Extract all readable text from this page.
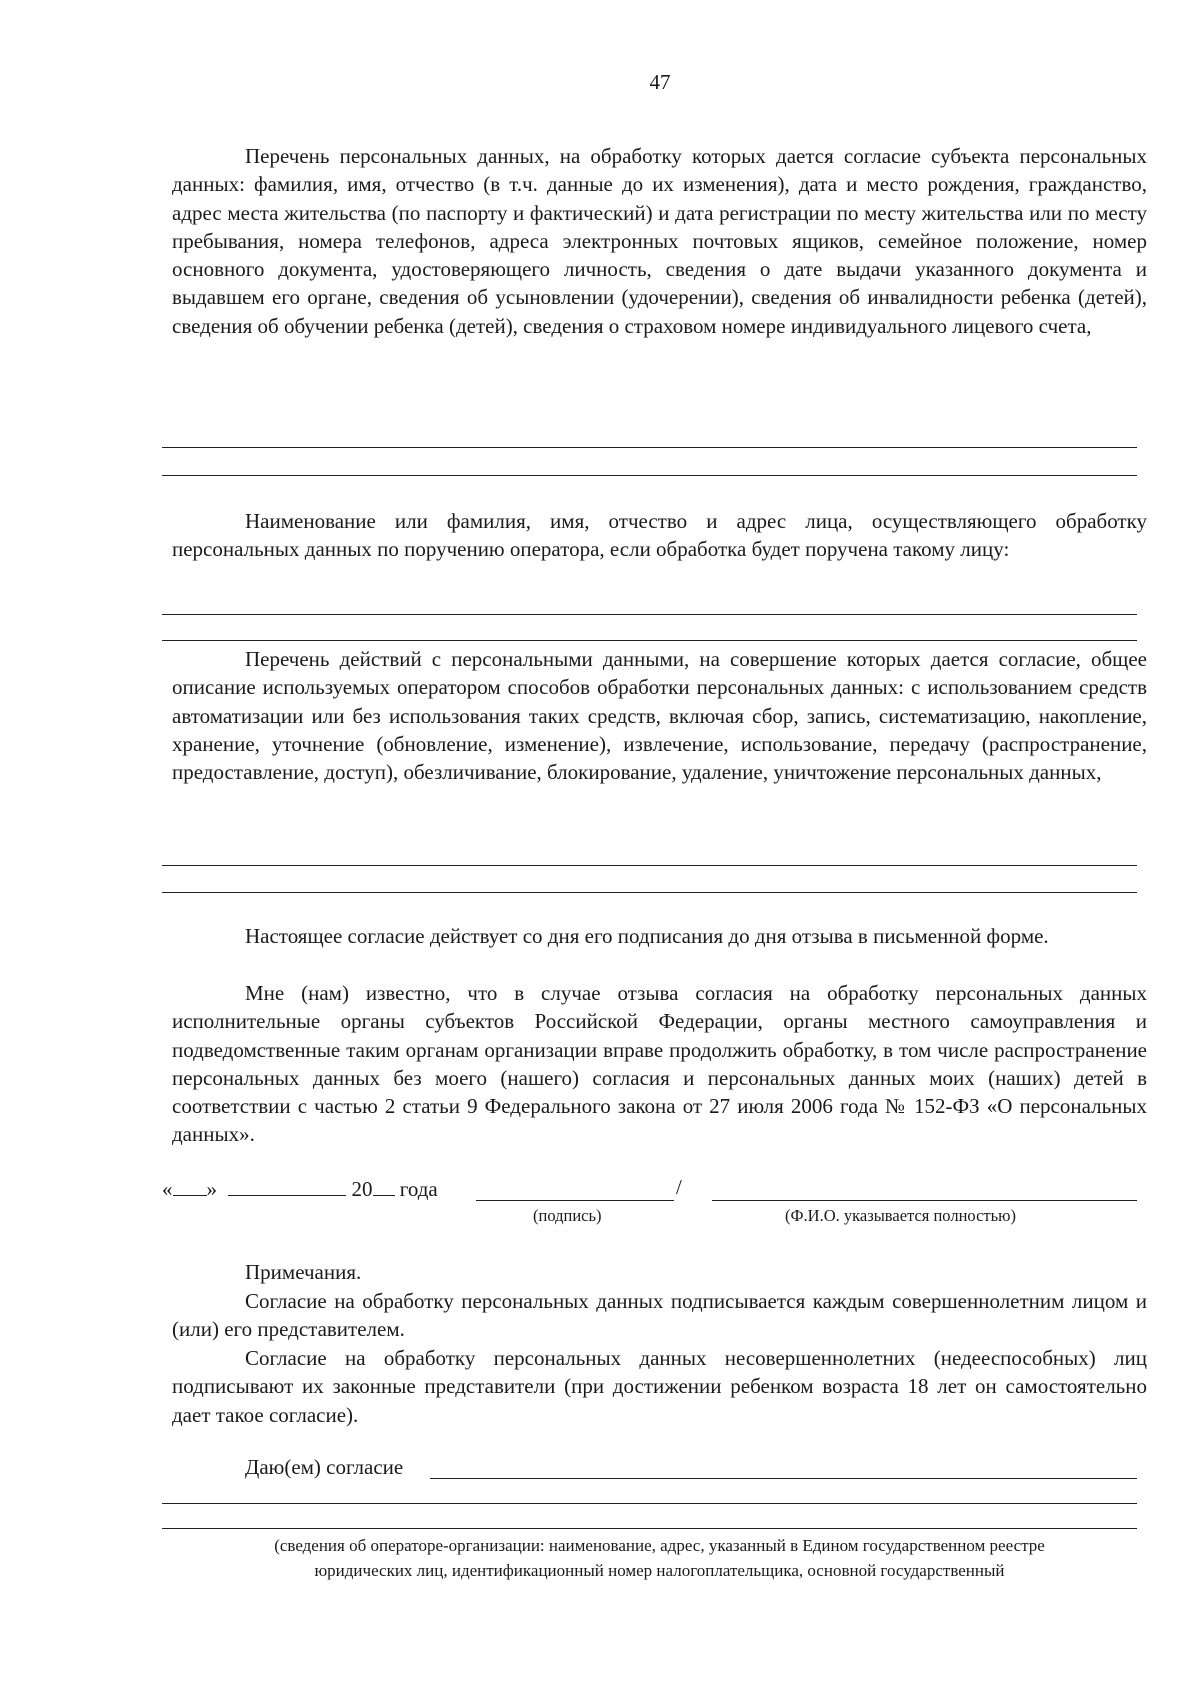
47

Перечень персональных данных, на обработку которых дается согласие субъекта персональных данных: фамилия, имя, отчество (в т.ч. данные до их изменения), дата и место рождения, гражданство, адрес места жительства (по паспорту и фактический) и дата регистрации по месту жительства или по месту пребывания, номера телефонов, адреса электронных почтовых ящиков, семейное положение, номер основного документа, удостоверяющего личность, сведения о дате выдачи указанного документа и выдавшем его органе, сведения об усыновлении (удочерении), сведения об инвалидности ребенка (детей), сведения об обучении ребенка (детей), сведения о страховом номере индивидуального лицевого счета,

Наименование или фамилия, имя, отчество и адрес лица, осуществляющего обработку персональных данных по поручению оператора, если обработка будет поручена такому лицу:

Перечень действий с персональными данными, на совершение которых дается согласие, общее описание используемых оператором способов обработки персональных данных: с использованием средств автоматизации или без использования таких средств, включая сбор, запись, систематизацию, накопление, хранение, уточнение (обновление, изменение), извлечение, использование, передачу (распространение, предоставление, доступ), обезличивание, блокирование, удаление, уничтожение персональных данных,

Настоящее согласие действует со дня его подписания до дня отзыва в письменной форме.

Мне (нам) известно, что в случае отзыва согласия на обработку персональных данных исполнительные органы субъектов Российской Федерации, органы местного самоуправления и подведомственные таким органам организации вправе продолжить обработку, в том числе распространение персональных данных без моего (нашего) согласия и персональных данных моих (наших) детей в соответствии с частью 2 статьи 9 Федерального закона от 27 июля 2006 года № 152-ФЗ «О персональных данных».

« »	20 года	/
(подпись)	(Ф.И.О. указывается полностью)

Примечания.

Согласие на обработку персональных данных подписывается каждым совершеннолетним лицом и (или) его представителем.

Согласие на обработку персональных данных несовершеннолетних (недееспособных) лиц подписывают их законные представители (при достижении ребенком возраста 18 лет он самостоятельно дает такое согласие).

Даю(ем) согласие
(сведения об операторе-организации: наименование, адрес, указанный в Едином государственном реестре
юридических лиц, идентификационный номер налогоплательщика, основной государственный
